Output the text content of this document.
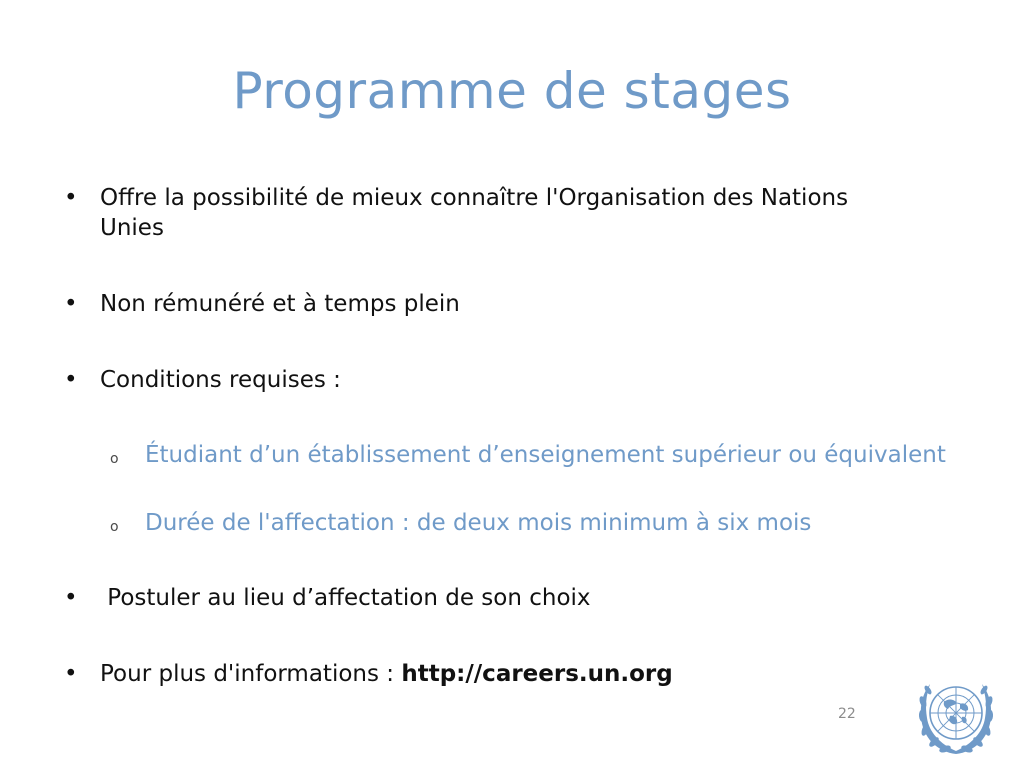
Programme de stages
• Offre la possibilité de mieux connaître l'Organisation des Nations Unies
• Non rémunéré et à temps plein
• Conditions requises :
o Étudiant d’un établissement d’enseignement supérieur ou équivalent
o Durée de l'affectation : de deux mois minimum à six mois
• Postuler au lieu d’affectation de son choix
• Pour plus d'informations : http://careers.un.org
22
